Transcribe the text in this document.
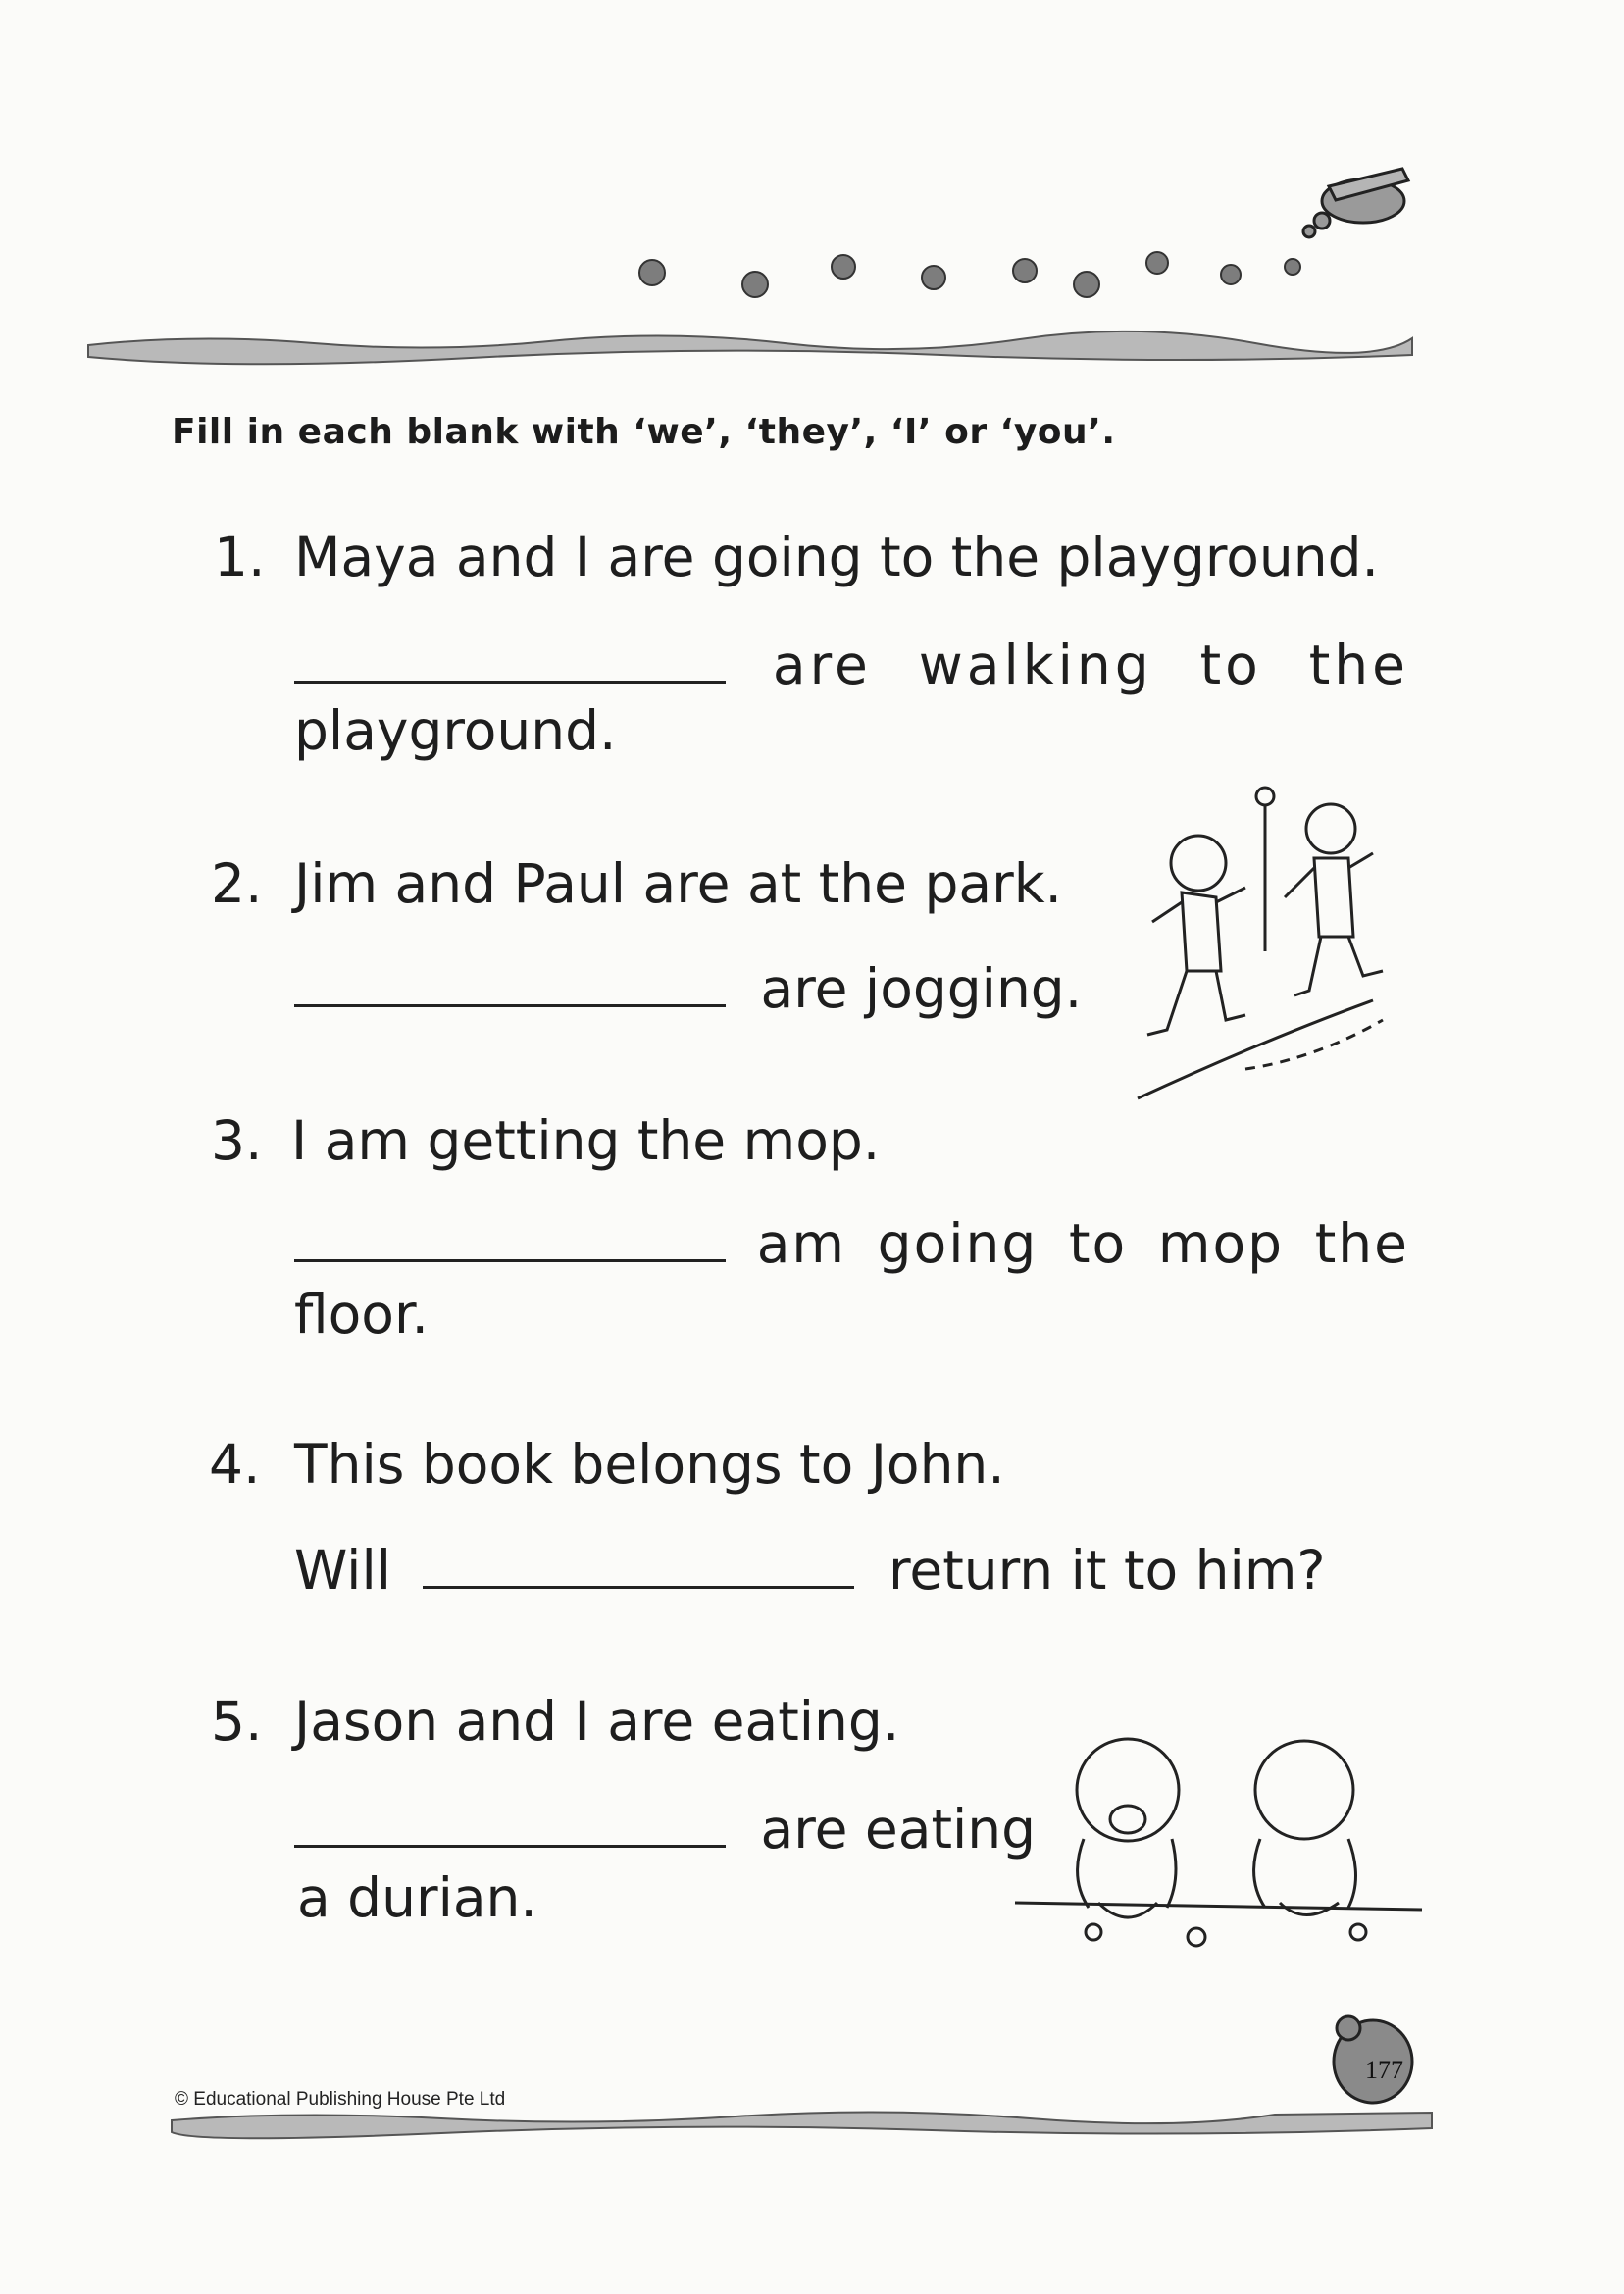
Fill in each blank with ‘we’, ‘they’, ‘I’ or ‘you’.
1. Maya and I are going to the playground.
are walking to the
playground.
2. Jim and Paul are at the park.
are jogging.
3. I am getting the mop.
am going to mop the
floor.
4. This book belongs to John.
Will	return it to him?
5. Jason and I are eating.
are eating
a durian.
© Educational Publishing House Pte Ltd
177
